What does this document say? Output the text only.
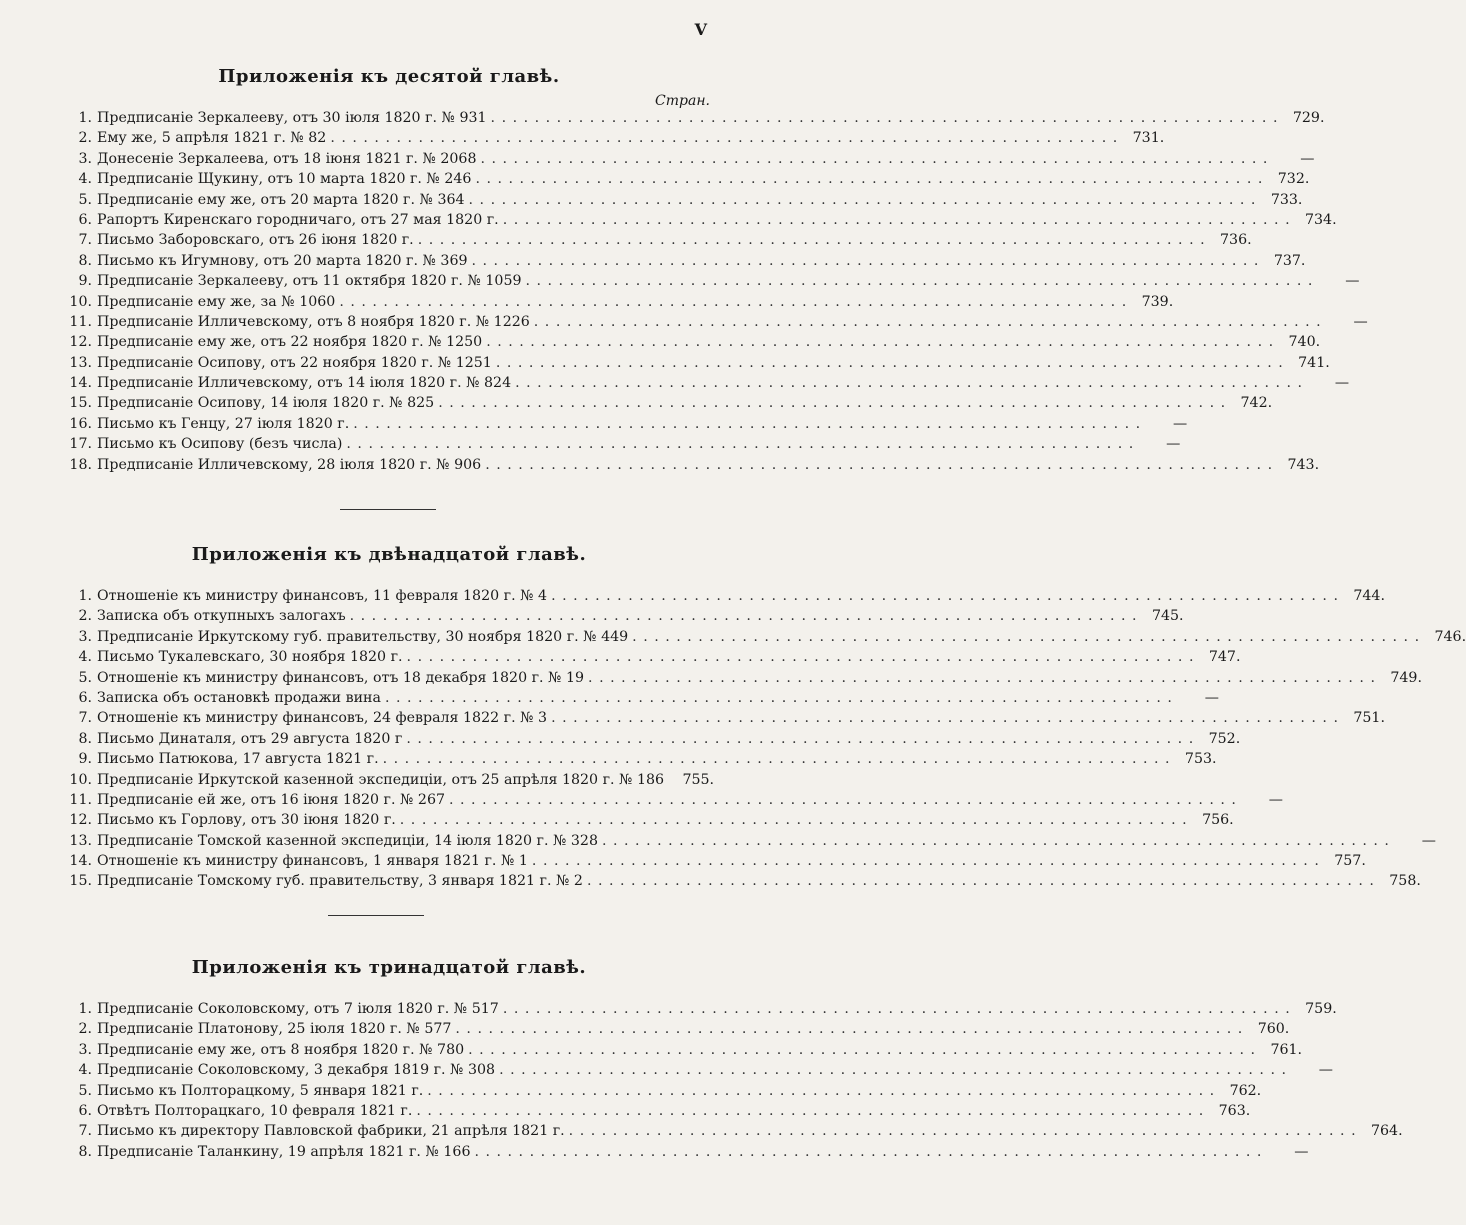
V
Приложенія къ десятой главѣ.
Стран.
1. Предписаніе Зеркалееву, отъ 30 іюля 1820 г. № 931 . . .	729.
2. Ему же, 5 апрѣля 1821 г. № 82 . . .	731.
3. Донесеніе Зеркалеева, отъ 18 іюня 1821 г. № 2068 . . .	—
4. Предписаніе Щукину, отъ 10 марта 1820 г. № 246 . . .	732.
5. Предписаніе ему же, отъ 20 марта 1820 г. № 364 . . .	733.
6. Рапортъ Киренскаго городничаго, отъ 27 мая 1820 г. . . .	734.
7. Письмо Заборовскаго, отъ 26 іюня 1820 г. . . .	736.
8. Письмо къ Игумнову, отъ 20 марта 1820 г. № 369 . . .	737.
9. Предписаніе Зеркалееву, отъ 11 октября 1820 г. № 1059 . . .	—
10. Предписаніе ему же, за № 1060 . . .	739.
11. Предписаніе Илличевскому, отъ 8 ноября 1820 г. № 1226 . . .	—
12. Предписаніе ему же, отъ 22 ноября 1820 г. № 1250 . . .	740.
13. Предписаніе Осипову, отъ 22 ноября 1820 г. № 1251 . . .	741.
14. Предписаніе Илличевскому, отъ 14 іюля 1820 г. № 824 . . .	—
15. Предписаніе Осипову, 14 іюля 1820 г. № 825 . . .	742.
16. Письмо къ Генцу, 27 іюля 1820 г. . . .	—
17. Письмо къ Осипову (безъ числа) . . .	—
18. Предписаніе Илличевскому, 28 іюля 1820 г. № 906 . . .	743.
Приложенія къ двѣнадцатой главѣ.
1. Отношеніе къ министру финансовъ, 11 февраля 1820 г. № 4 . . .	744.
2. Записка объ откупныхъ залогахъ . . .	745.
3. Предписаніе Иркутскому губ. правительству, 30 ноября 1820 г. № 449 . . .	746.
4. Письмо Тукалевскаго, 30 ноября 1820 г. . . .	747.
5. Отношеніе къ министру финансовъ, отъ 18 декабря 1820 г. № 19 . . .	749.
6. Записка объ остановкѣ продажи вина . . .	—
7. Отношеніе къ министру финансовъ, 24 февраля 1822 г. № 3 . . .	751.
8. Письмо Динаталя, отъ 29 августа 1820 г . . .	752.
9. Письмо Патюкова, 17 августа 1821 г. . . .	753.
10. Предписаніе Иркутской казенной экспедиціи, отъ 25 апрѣля 1820 г. № 186	755.
11. Предписаніе ей же, отъ 16 іюня 1820 г. № 267 . . .	—
12. Письмо къ Горлову, отъ 30 іюня 1820 г. . . .	756.
13. Предписаніе Томской казенной экспедиціи, 14 іюля 1820 г. № 328 . . .	—
14. Отношеніе къ министру финансовъ, 1 января 1821 г. № 1 . . .	757.
15. Предписаніе Томскому губ. правительству, 3 января 1821 г. № 2 . . .	758.
Приложенія къ тринадцатой главѣ.
1. Предписаніе Соколовскому, отъ 7 іюля 1820 г. № 517 . . .	759.
2. Предписаніе Платонову, 25 іюля 1820 г. № 577 . . .	760.
3. Предписаніе ему же, отъ 8 ноября 1820 г. № 780 . . .	761.
4. Предписаніе Соколовскому, 3 декабря 1819 г. № 308 . . .	—
5. Письмо къ Полторацкому, 5 января 1821 г. . . .	762.
6. Отвѣтъ Полторацкаго, 10 февраля 1821 г. . . .	763.
7. Письмо къ директору Павловской фабрики, 21 апрѣля 1821 г. . . .	764.
8. Предписаніе Таланкину, 19 апрѣля 1821 г. № 166 . . .	—
